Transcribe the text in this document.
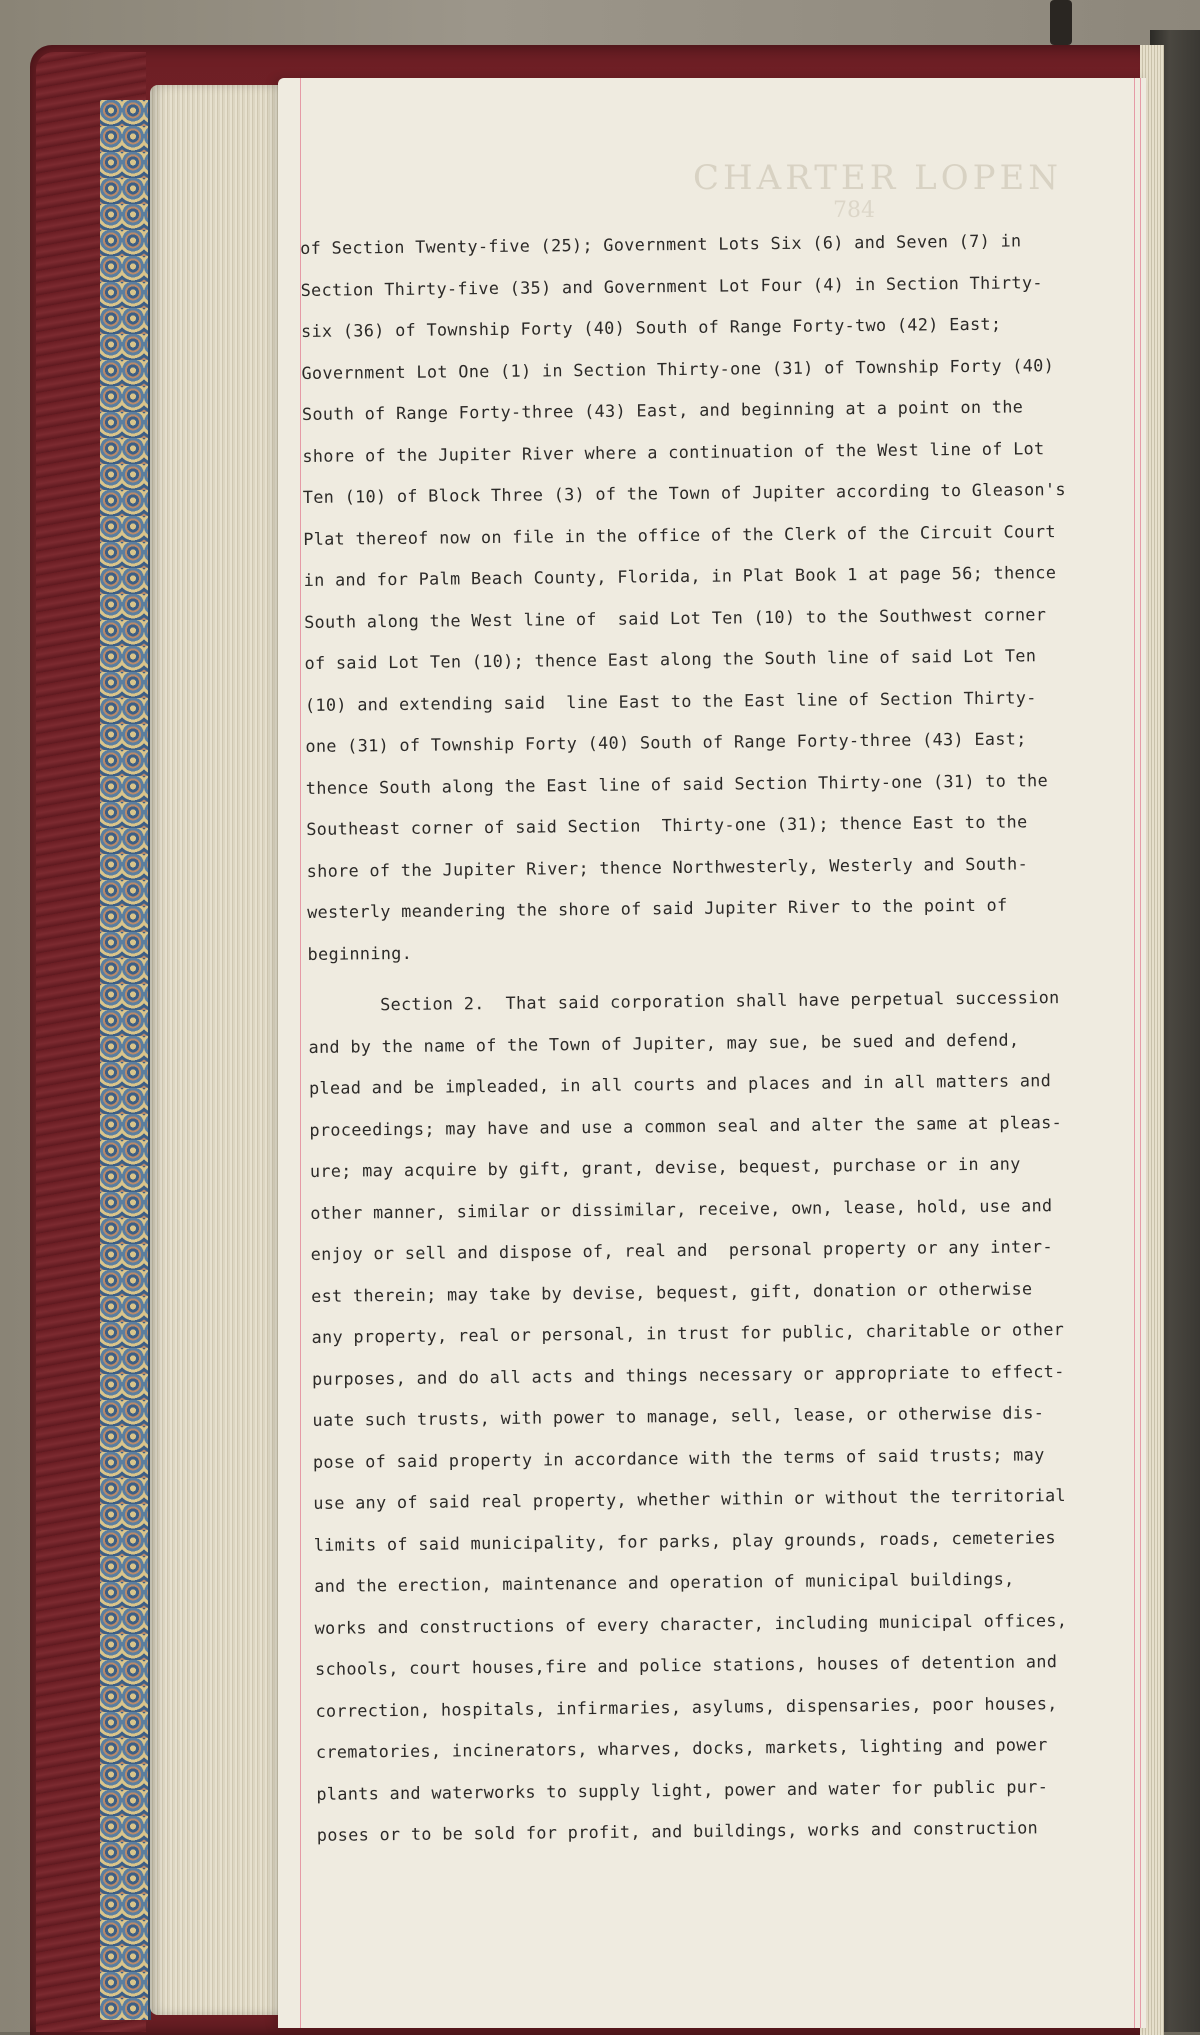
CHARTER LOPEN
784
of Section Twenty-five (25); Government Lots Six (6) and Seven (7) in
Section Thirty-five (35) and Government Lot Four (4) in Section Thirty-
six (36) of Township Forty (40) South of Range Forty-two (42) East;
Government Lot One (1) in Section Thirty-one (31) of Township Forty (40)
South of Range Forty-three (43) East, and beginning at a point on the
shore of the Jupiter River where a continuation of the West line of Lot
Ten (10) of Block Three (3) of the Town of Jupiter according to Gleason's
Plat thereof now on file in the office of the Clerk of the Circuit Court
in and for Palm Beach County, Florida, in Plat Book 1 at page 56; thence
South along the West line of  said Lot Ten (10) to the Southwest corner
of said Lot Ten (10); thence East along the South line of said Lot Ten
(10) and extending said  line East to the East line of Section Thirty-
one (31) of Township Forty (40) South of Range Forty-three (43) East;
thence South along the East line of said Section Thirty-one (31) to the
Southeast corner of said Section  Thirty-one (31); thence East to the
shore of the Jupiter River; thence Northwesterly, Westerly and South-
westerly meandering the shore of said Jupiter River to the point of
beginning.
Section 2.  That said corporation shall have perpetual succession
and by the name of the Town of Jupiter, may sue, be sued and defend,
plead and be impleaded, in all courts and places and in all matters and
proceedings; may have and use a common seal and alter the same at pleas-
ure; may acquire by gift, grant, devise, bequest, purchase or in any
other manner, similar or dissimilar, receive, own, lease, hold, use and
enjoy or sell and dispose of, real and  personal property or any inter-
est therein; may take by devise, bequest, gift, donation or otherwise
any property, real or personal, in trust for public, charitable or other
purposes, and do all acts and things necessary or appropriate to effect-
uate such trusts, with power to manage, sell, lease, or otherwise dis-
pose of said property in accordance with the terms of said trusts; may
use any of said real property, whether within or without the territorial
limits of said municipality, for parks, play grounds, roads, cemeteries
and the erection, maintenance and operation of municipal buildings,
works and constructions of every character, including municipal offices,
schools, court houses,fire and police stations, houses of detention and
correction, hospitals, infirmaries, asylums, dispensaries, poor houses,
crematories, incinerators, wharves, docks, markets, lighting and power
plants and waterworks to supply light, power and water for public pur-
poses or to be sold for profit, and buildings, works and construction
